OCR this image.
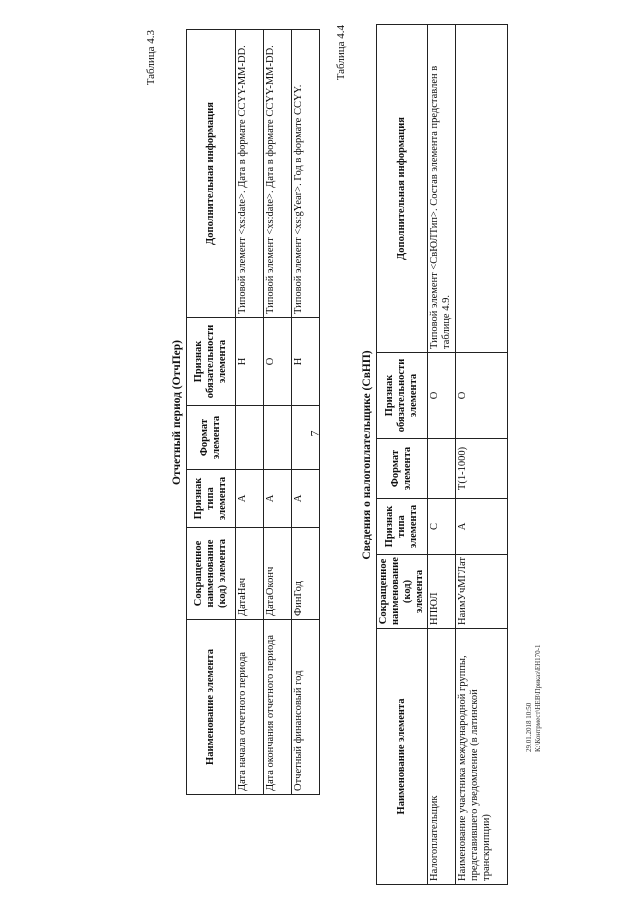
7
29.01.2018 10:50 К:\Контрмест\НЕВ\Приказ\ЕН170-1
Таблица 4.3
Отчетный период (ОтчПер)
Наименование элемента	Сокращенное наименование (код) элемента	Признак типа элемента	Формат элемента	Признак обязательности элемента	Дополнительная информация
Дата начала отчетного периода	ДатаНач	А		Н	Типовой элемент <xs:date>. Дата в формате CCYY-MM-DD.
Дата окончания отчетного периода	ДатаОконч	А		О	Типовой элемент <xs:date>. Дата в формате CCYY-MM-DD.
Отчетный финансовый год	ФинГод	А		Н	Типовой элемент <xs:gYear>. Год в формате CCYY.
Таблица 4.4
Сведения о налогоплательщике (СвНП)
Наименование элемента	Сокращенное наименование (код) элемента	Признак типа элемента	Формат элемента	Признак обязательности элемента	Дополнительная информация
Налогоплательщик	НПЮЛ	С		О	Типовой элемент <СвЮЛТип>. Состав элемента представлен в таблице 4.9.
Наименование участника международной группы, представившего уведомление (в латинской транскрипции)	НаимУчМГЛат	А	T(1-1000)	О	
